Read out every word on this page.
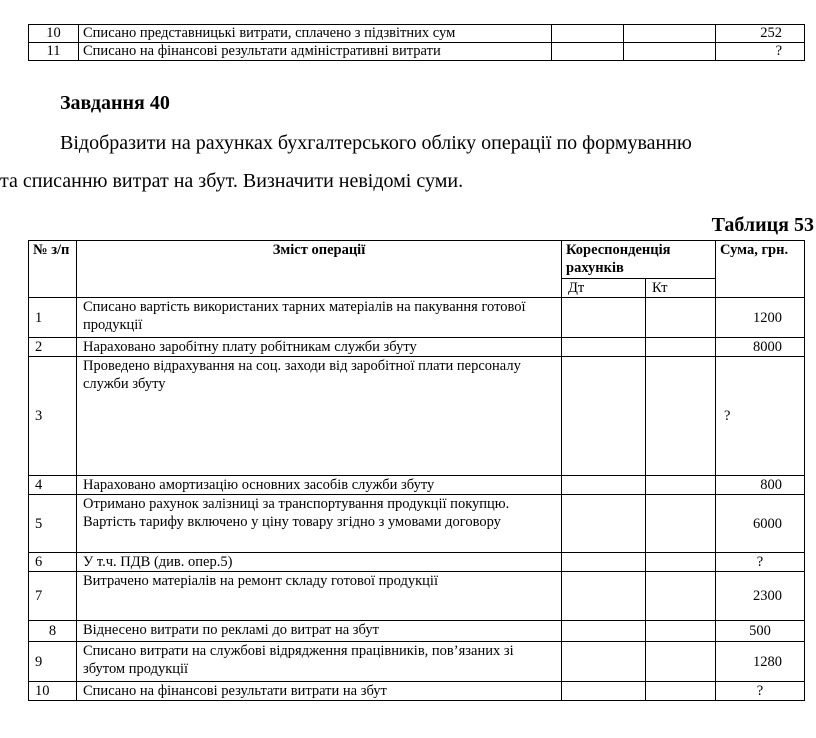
10	Списано представницькі витрати, сплачено з підзвітних сум			252
11	Списано на фінансові результати адміністративні витрати			?
Завдання 40

Відобразити на рахунках бухгалтерського обліку операції по формуванню
та списанню витрат на збут. Визначити невідомі суми.

Таблиця 53

№ з/п	Зміст операції	Кореспонденція рахунків		Сума, грн.
		Дт	Кт	
1	Списано вартість використаних тарних матеріалів на пакування готової продукції			1200
2	Нараховано заробітну плату робітникам служби збуту			8000
3	Проведено відрахування на соц. заходи від заробітної плати персоналу служби збуту			?
4	Нараховано амортизацію основних засобів служби збуту			800
5	Отримано рахунок залізниці за транспортування продукції покупцю. Вартість тарифу включено у ціну товару згідно з умовами договору			6000
6	У т.ч. ПДВ (див. опер.5)			?
7	Витрачено матеріалів на ремонт складу готової продукції			2300
8	Віднесено витрати по рекламі до витрат на збут			500
9	Списано витрати на службові відрядження працівників, пов’язаних зі збутом продукції			1280
10	Списано на фінансові результати витрати на збут			?
